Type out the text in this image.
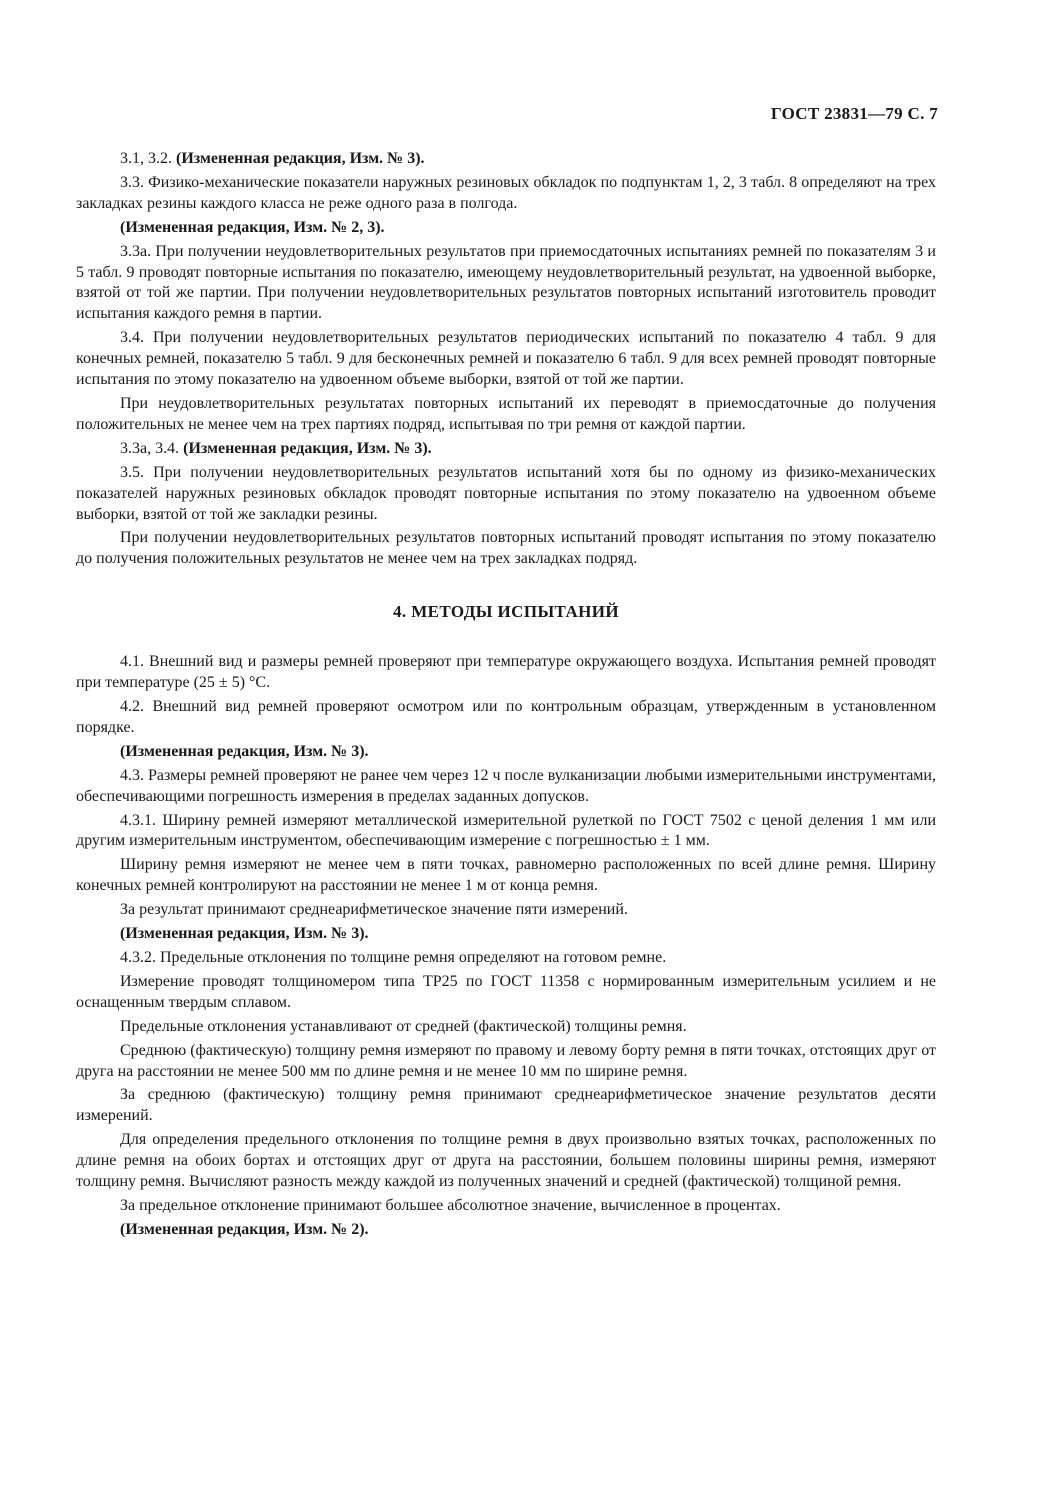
ГОСТ 23831—79 С. 7

3.1, 3.2. (Измененная редакция, Изм. № 3).

3.3. Физико-механические показатели наружных резиновых обкладок по подпунктам 1, 2, 3 табл. 8 определяют на трех закладках резины каждого класса не реже одного раза в полгода.

(Измененная редакция, Изм. № 2, 3).

3.3а. При получении неудовлетворительных результатов при приемосдаточных испытаниях ремней по показателям 3 и 5 табл. 9 проводят повторные испытания по показателю, имеющему неудовлетворительный результат, на удвоенной выборке, взятой от той же партии. При получении неудовлетворительных результатов повторных испытаний изготовитель проводит испытания каждого ремня в партии.

3.4. При получении неудовлетворительных результатов периодических испытаний по показателю 4 табл. 9 для конечных ремней, показателю 5 табл. 9 для бесконечных ремней и показателю 6 табл. 9 для всех ремней проводят повторные испытания по этому показателю на удвоенном объеме выборки, взятой от той же партии.

При неудовлетворительных результатах повторных испытаний их переводят в приемосдаточные до получения положительных не менее чем на трех партиях подряд, испытывая по три ремня от каждой партии.

3.3а, 3.4. (Измененная редакция, Изм. № 3).

3.5. При получении неудовлетворительных результатов испытаний хотя бы по одному из физико-механических показателей наружных резиновых обкладок проводят повторные испытания по этому показателю на удвоенном объеме выборки, взятой от той же закладки резины.

При получении неудовлетворительных результатов повторных испытаний проводят испытания по этому показателю до получения положительных результатов не менее чем на трех закладках подряд.

4. МЕТОДЫ ИСПЫТАНИЙ

4.1. Внешний вид и размеры ремней проверяют при температуре окружающего воздуха. Испытания ремней проводят при температуре (25 ± 5) °С.

4.2. Внешний вид ремней проверяют осмотром или по контрольным образцам, утвержденным в установленном порядке.

(Измененная редакция, Изм. № 3).

4.3. Размеры ремней проверяют не ранее чем через 12 ч после вулканизации любыми измерительными инструментами, обеспечивающими погрешность измерения в пределах заданных допусков.

4.3.1. Ширину ремней измеряют металлической измерительной рулеткой по ГОСТ 7502 с ценой деления 1 мм или другим измерительным инструментом, обеспечивающим измерение с погрешностью ± 1 мм.

Ширину ремня измеряют не менее чем в пяти точках, равномерно расположенных по всей длине ремня. Ширину конечных ремней контролируют на расстоянии не менее 1 м от конца ремня.

За результат принимают среднеарифметическое значение пяти измерений.

(Измененная редакция, Изм. № 3).

4.3.2. Предельные отклонения по толщине ремня определяют на готовом ремне.

Измерение проводят толщиномером типа ТР25 по ГОСТ 11358 с нормированным измерительным усилием и не оснащенным твердым сплавом.

Предельные отклонения устанавливают от средней (фактической) толщины ремня.

Среднюю (фактическую) толщину ремня измеряют по правому и левому борту ремня в пяти точках, отстоящих друг от друга на расстоянии не менее 500 мм по длине ремня и не менее 10 мм по ширине ремня.

За среднюю (фактическую) толщину ремня принимают среднеарифметическое значение результатов десяти измерений.

Для определения предельного отклонения по толщине ремня в двух произвольно взятых точках, расположенных по длине ремня на обоих бортах и отстоящих друг от друга на расстоянии, большем половины ширины ремня, измеряют толщину ремня. Вычисляют разность между каждой из полученных значений и средней (фактической) толщиной ремня.

За предельное отклонение принимают большее абсолютное значение, вычисленное в процентах.

(Измененная редакция, Изм. № 2).
